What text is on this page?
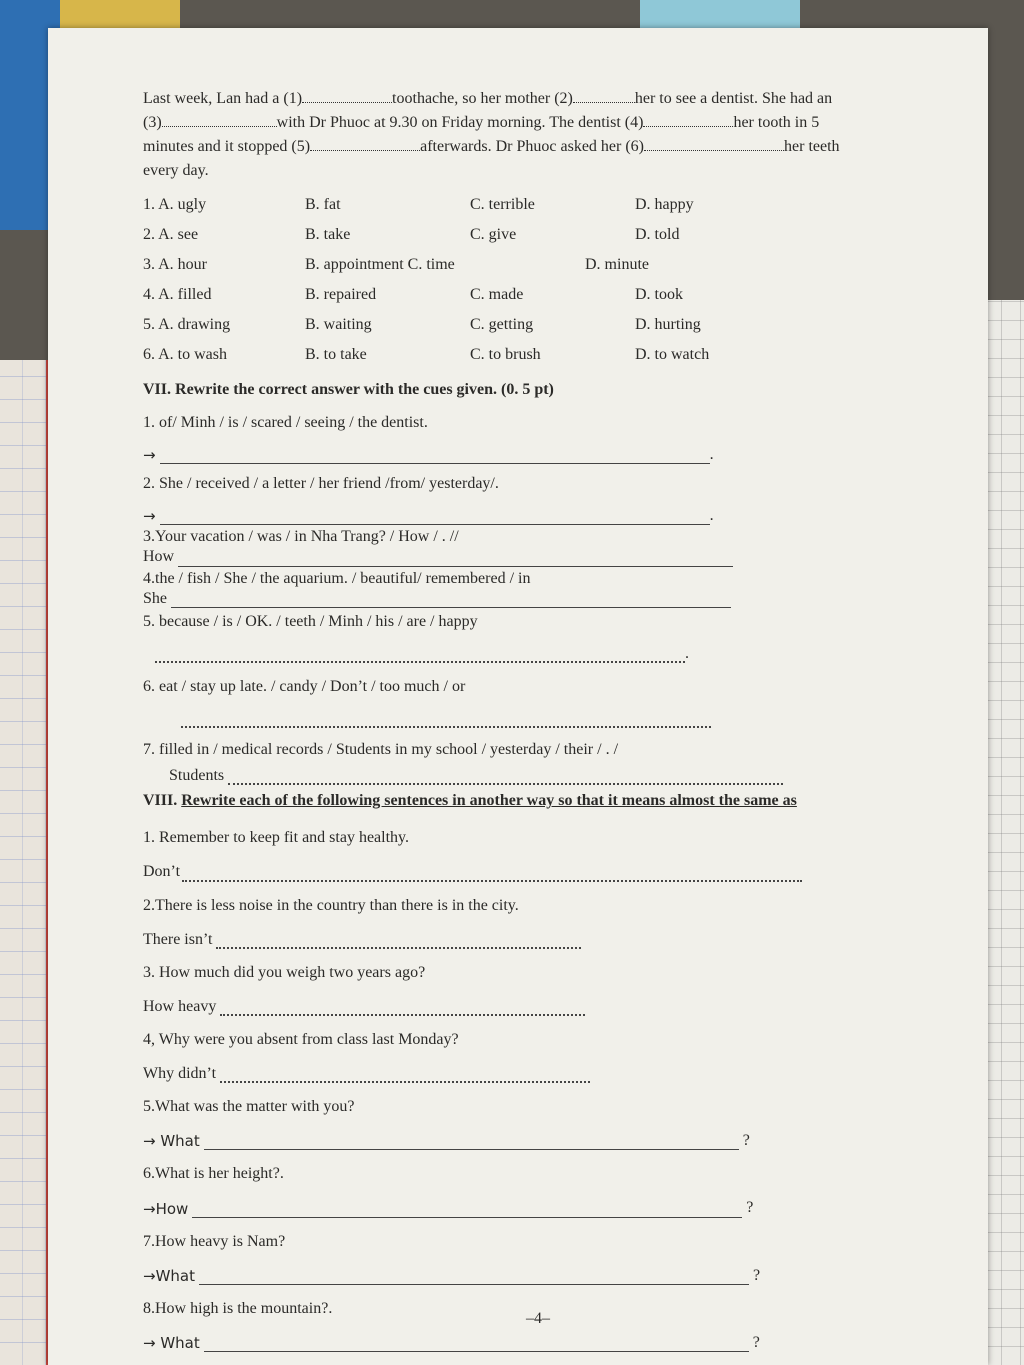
Last week, Lan had a (1)	toothache, so her mother (2)	her to see a dentist. She had an

(3)	with Dr Phuoc at 9.30 on Friday morning. The dentist (4)	her tooth in 5

minutes and it stopped (5)	afterwards. Dr Phuoc asked her (6)	her teeth

every day.

1. A. ugly	B. fat	C. terrible	D. happy
2. A. see	B. take	C. give	D. told
3. A. hour	B. appointment C. time	D. minute
4. A. filled	B. repaired	C. made	D. took
5. A. drawing	B. waiting	C. getting	D. hurting
6. A. to wash	B. to take	C. to brush	D. to watch
VII. Rewrite the correct answer with the cues given. (0. 5 pt)

1. of/ Minh / is / scared / seeing / the dentist.

→	.

2. She / received / a letter / her friend /from/ yesterday/.

→	.

3.Your vacation / was / in Nha Trang? / How / . //

How

4.the / fish / She / the aquarium. / beautiful/ remembered / in

She

5. because / is / OK. / teeth / Minh / his / are / happy

.

6. eat / stay up late. / candy / Don’t / too much / or

7. filled in / medical records / Students in my school / yesterday / their / . /

Students
VIII. Rewrite each of the following sentences in another way so that it means almost the same as

1. Remember to keep fit and stay healthy.

Don’t

2.There is less noise in the country than there is in the city.

There isn’t

3. How much did you weigh two years ago?

How heavy

4, Why were you absent from class last Monday?

Why didn’t

5.What was the matter with you?

→ What	?

6.What is her height?.

→How	?

7.How heavy is Nam?

→What	?

8.How high is the mountain?.

→ What	?
–4–
